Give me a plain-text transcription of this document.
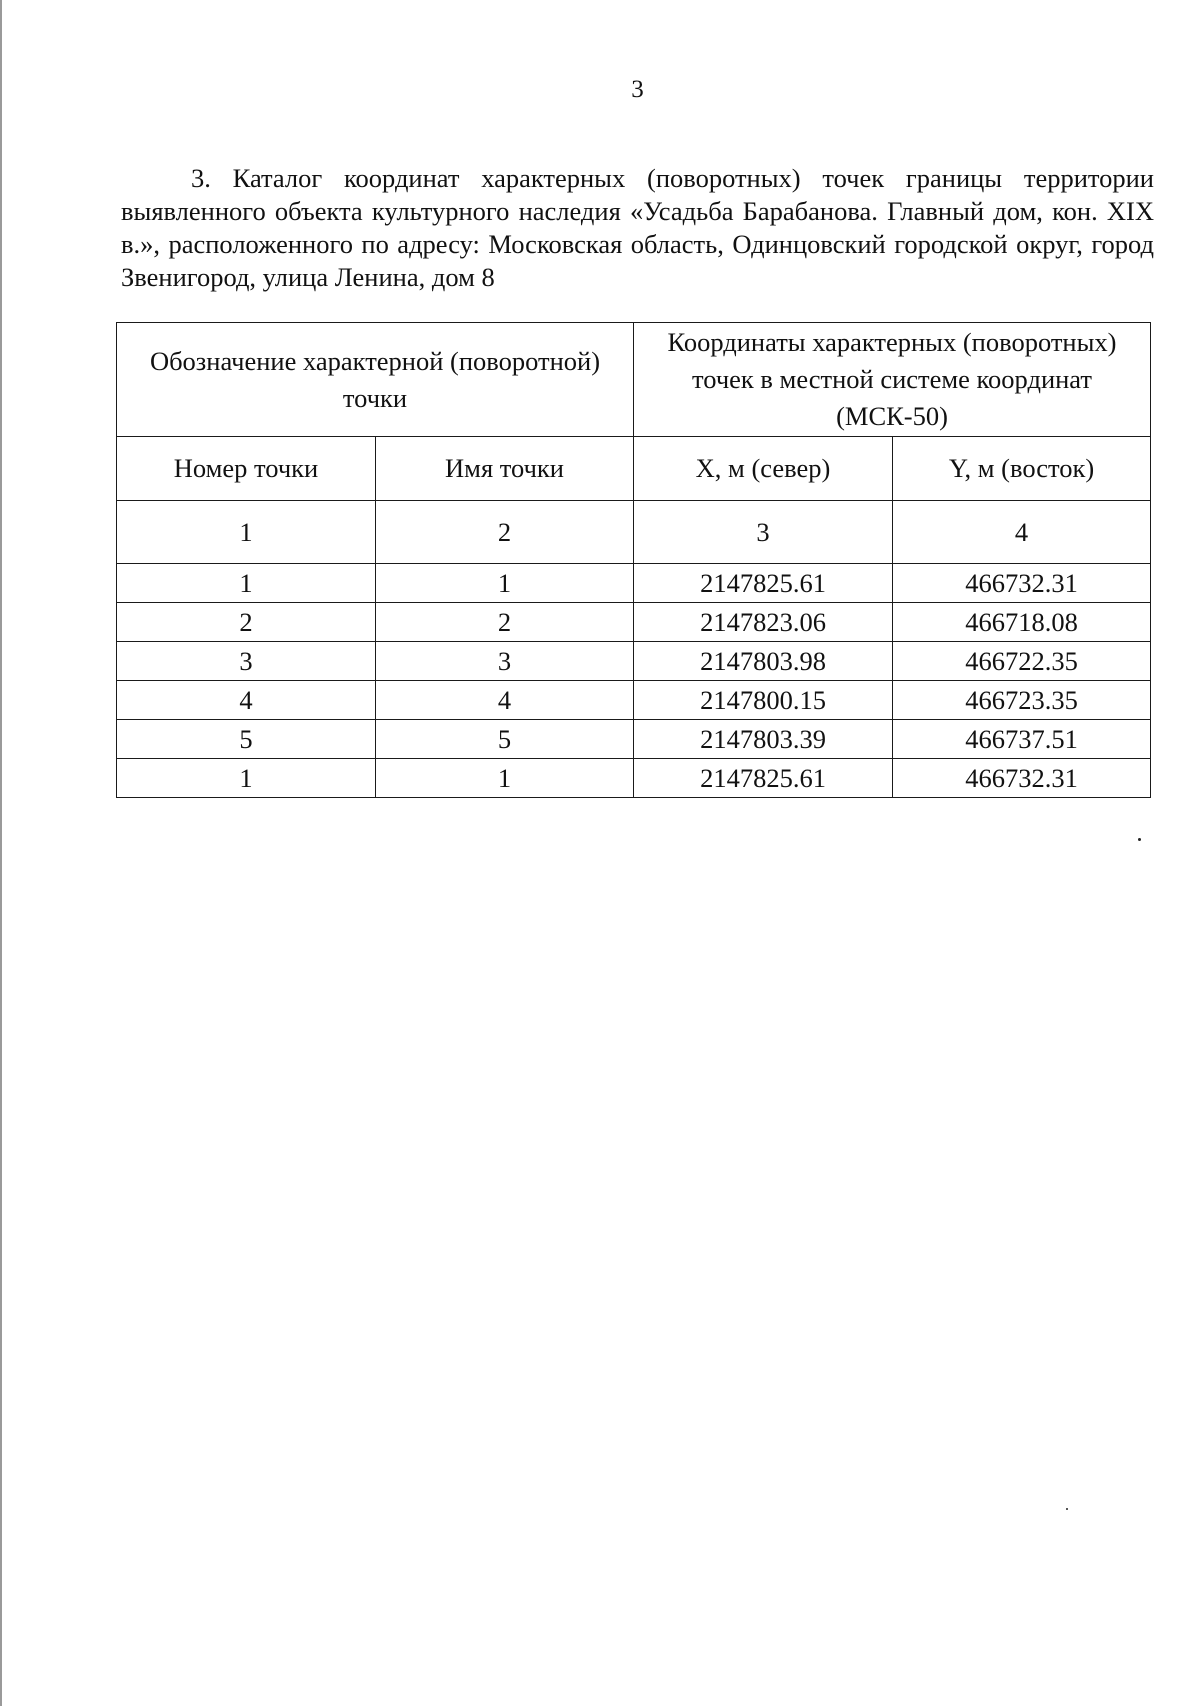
3

3. Каталог координат характерных (поворотных) точек границы территории выявленного объекта культурного наследия «Усадьба Барабанова. Главный дом, кон. XIX в.», расположенного по адресу: Московская область, Одинцовский городской округ, город Звенигород, улица Ленина, дом 8

Обозначение характерной (поворотной) точки		Координаты характерных (поворотных) точек в местной системе координат (МСК-50)	
Номер точки	Имя точки	X, м (север)	Y, м (восток)
1	2	3	4
1	1	2147825.61	466732.31
2	2	2147823.06	466718.08
3	3	2147803.98	466722.35
4	4	2147800.15	466723.35
5	5	2147803.39	466737.51
1	1	2147825.61	466732.31
